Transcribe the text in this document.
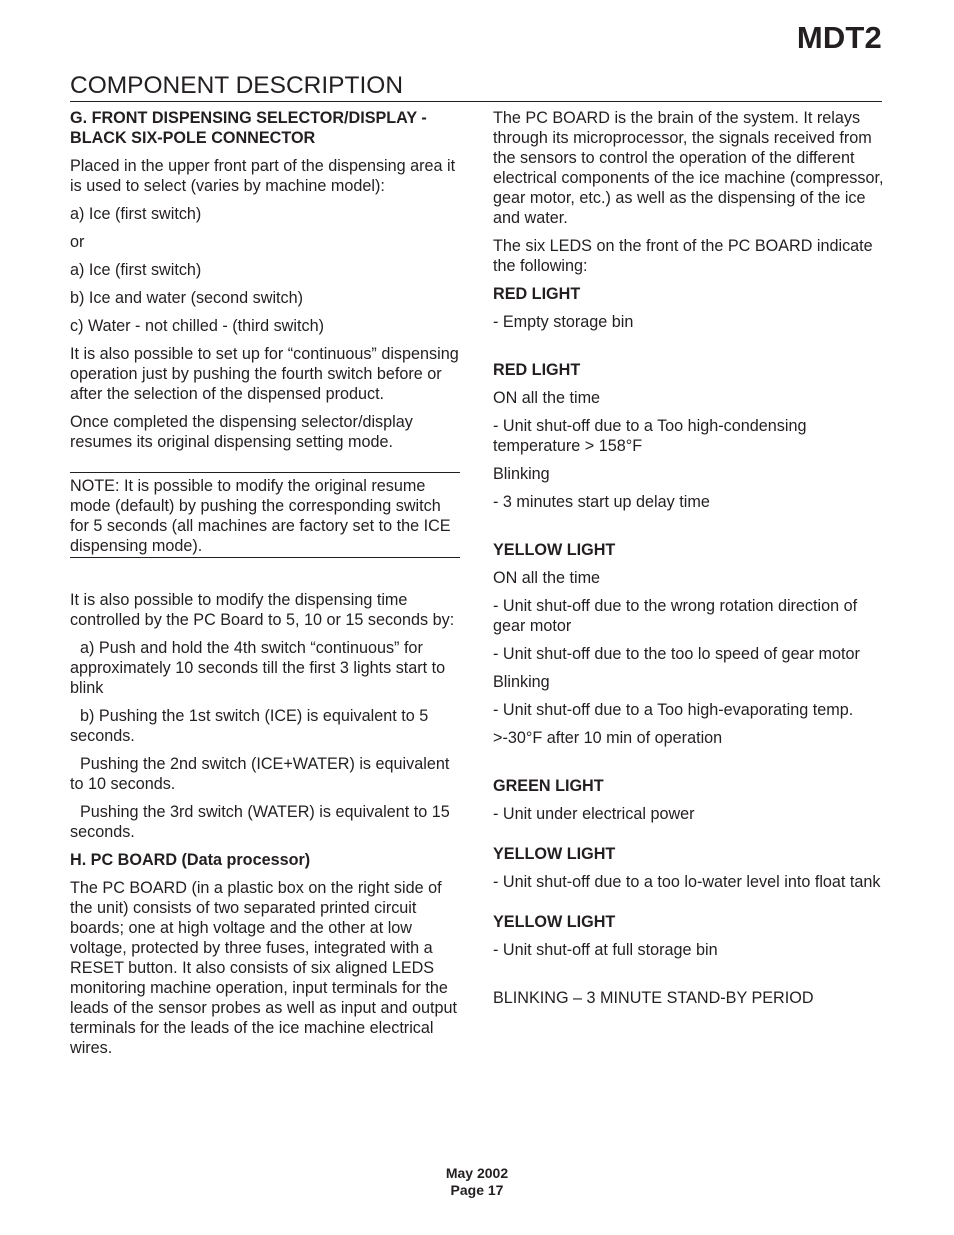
MDT2
COMPONENT DESCRIPTION

G. FRONT DISPENSING SELECTOR/DISPLAY -
BLACK SIX-POLE CONNECTOR

Placed in the upper front part of the dispensing area it is used to select (varies by machine model):

a) Ice (first switch)

or

a) Ice (first switch)

b) Ice and water (second switch)

c) Water - not chilled - (third switch)

It is also possible to set up for “continuous” dispensing operation just by pushing the fourth switch before or after the selection of the dispensed product.

Once completed the dispensing selector/display resumes its original dispensing setting mode.

NOTE: It is possible to modify the original resume mode (default) by pushing the corresponding switch for 5 seconds (all machines are factory set to the ICE dispensing mode).

It is also possible to modify the dispensing time controlled by the PC Board to 5, 10 or 15 seconds by:

a) Push and hold the 4th switch “continuous” for approximately 10 seconds till the first 3 lights start to blink

b) Pushing the 1st switch (ICE) is equivalent to 5 seconds.

Pushing the 2nd switch (ICE+WATER) is equivalent to 10 seconds.

Pushing the 3rd switch (WATER) is equivalent to 15 seconds.

H. PC BOARD (Data processor)

The PC BOARD (in a plastic box on the right side of the unit) consists of two separated printed circuit boards; one at high voltage and the other at low voltage, protected by three fuses, integrated with a RESET button. It also consists of six aligned LEDS monitoring machine operation, input terminals for the leads of the sensor probes as well as input and output terminals for the leads of the ice machine electrical wires.

The PC BOARD is the brain of the system. It relays through its microprocessor, the signals received from the sensors to control the operation of the different electrical components of the ice machine (compressor, gear motor, etc.) as well as the dispensing of the ice and water.

The six LEDS on the front of the PC BOARD indicate the following:

RED LIGHT

- Empty storage bin

RED LIGHT

ON all the time

- Unit shut-off due to a Too high-condensing temperature > 158°F

Blinking

- 3 minutes start up delay time

YELLOW LIGHT

ON all the time

- Unit shut-off due to the wrong rotation direction of gear motor

- Unit shut-off due to the too lo speed of gear motor

Blinking

- Unit shut-off due to a Too high-evaporating temp.

>-30°F after 10 min of operation

GREEN LIGHT

- Unit under electrical power

YELLOW LIGHT

- Unit shut-off due to a too lo-water level into float tank

YELLOW LIGHT

- Unit shut-off at full storage bin

BLINKING – 3 MINUTE STAND-BY PERIOD

May 2002
Page 17
